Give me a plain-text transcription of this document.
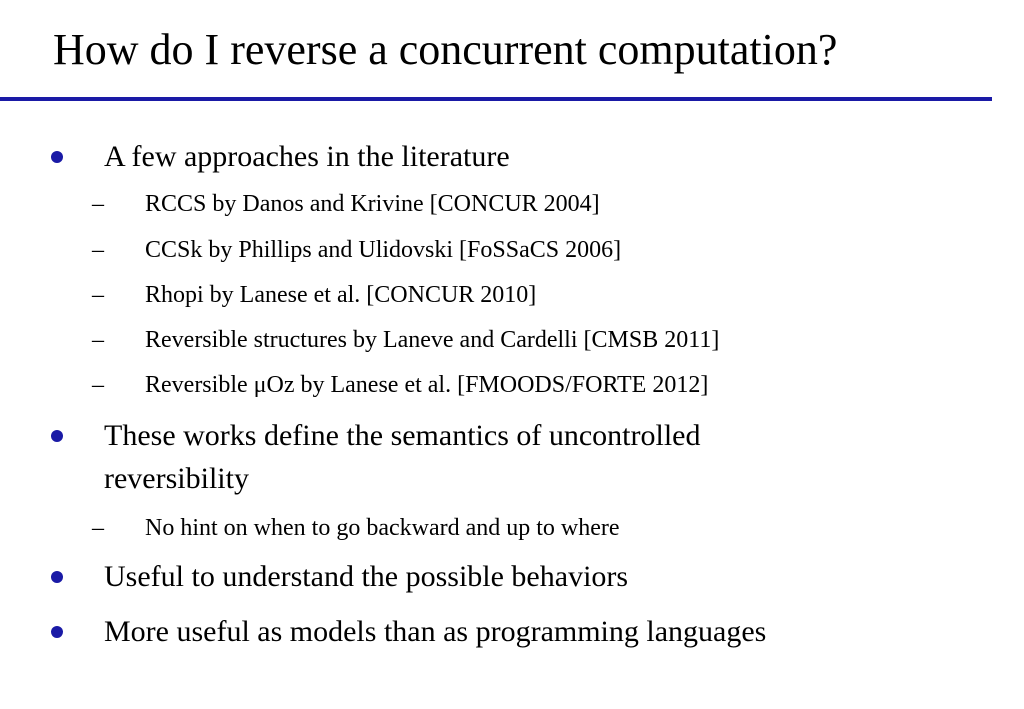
How do I reverse a concurrent computation?
A few approaches in the literature
– RCCS by Danos and Krivine [CONCUR 2004]
– CCSk by Phillips and Ulidovski [FoSSaCS 2006]
– Rhopi by Lanese et al. [CONCUR 2010]
– Reversible structures by Laneve and Cardelli [CMSB 2011]
– Reversible μOz by Lanese et al. [FMOODS/FORTE 2012]
These works define the semantics of uncontrolled
reversibility
– No hint on when to go backward and up to where
Useful to understand the possible behaviors
More useful as models than as programming languages
